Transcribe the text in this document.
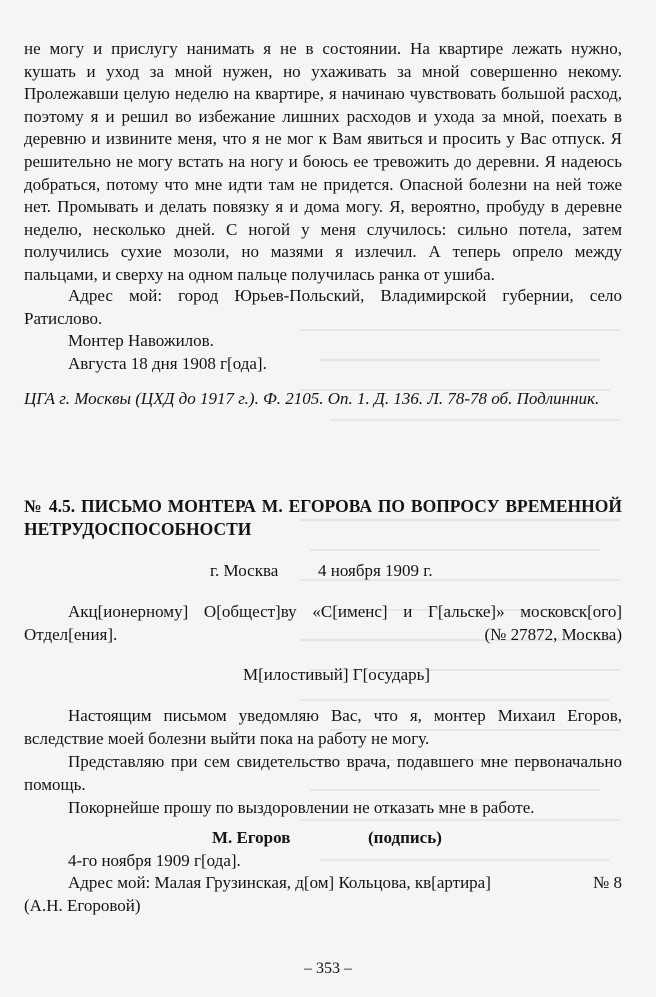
не могу и прислугу нанимать я не в состоянии. На квартире лежать нужно, кушать и уход за мной нужен, но ухаживать за мной совершенно некому. Пролежавши целую неделю на квартире, я начинаю чувствовать большой расход, поэтому я и решил во избежание лишних расходов и ухода за мной, поехать в деревню и извините меня, что я не мог к Вам явиться и просить у Вас отпуск. Я решительно не могу встать на ногу и боюсь ее тревожить до деревни. Я надеюсь добраться, потому что мне идти там не придется. Опасной болезни на ней тоже нет. Промывать и делать повязку я и дома могу. Я, вероятно, пробуду в деревне неделю, несколько дней. С ногой у меня случилось: сильно потела, затем получились сухие мозоли, но мазями я излечил. А теперь опрело между пальцами, и сверху на одном пальце получилась ранка от ушиба.

Адрес мой: город Юрьев-Польский, Владимирской губернии, село Ратислово.

Монтер Навожилов.

Августа 18 дня 1908 г[ода].

ЦГА г. Москвы (ЦХД до 1917 г.). Ф. 2105. Оп. 1. Д. 136. Л. 78-78 об. Подлинник.

№ 4.5. ПИСЬМО МОНТЕРА М. ЕГОРОВА ПО ВОПРОСУ ВРЕМЕННОЙ НЕТРУДОСПОСОБНОСТИ

г. Москва 4 ноября 1909 г.

Акц[ионерному] О[общест]ву «С[именс] и Г[альске]» московск[ого]

Отдел[ения].	(№ 27872, Москва)

М[илостивый] Г[осударь]

Настоящим письмом уведомляю Вас, что я, монтер Михаил Егоров, вследствие моей болезни выйти пока на работу не могу.

Представляю при сем свидетельство врача, подавшего мне первоначально помощь.

Покорнейше прошу по выздоровлении не отказать мне в работе.

М. Егоров	(подпись)

4-го ноября 1909 г[ода].

Адрес мой: Малая Грузинская, д[ом] Кольцова, кв[артира]	№ 8

(А.Н. Егоровой)

– 353 –
